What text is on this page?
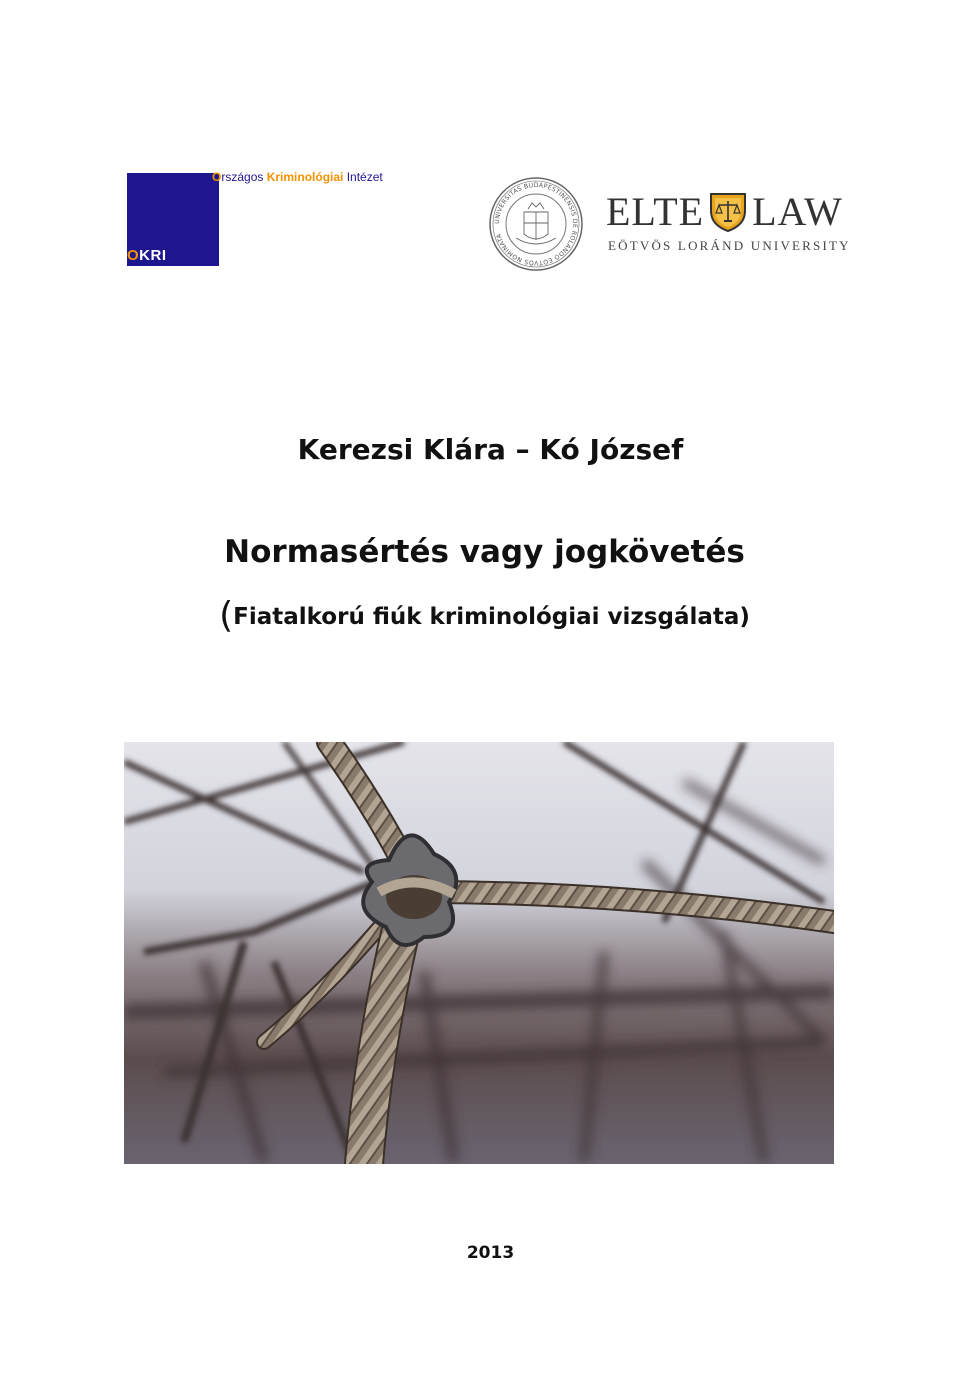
OKRI
Országos Kriminológiai Intézet
UNIVERSITAS BUDAPESTINENSIS DE ROLANDO EÖTVÖS NOMINATA
ELTE LAW
EÖTVÖS LORÁND UNIVERSITY
Kerezsi Klára – Kó József
Normasértés vagy jogkövetés
(Fiatalkorú fiúk kriminológiai vizsgálata)
2013
